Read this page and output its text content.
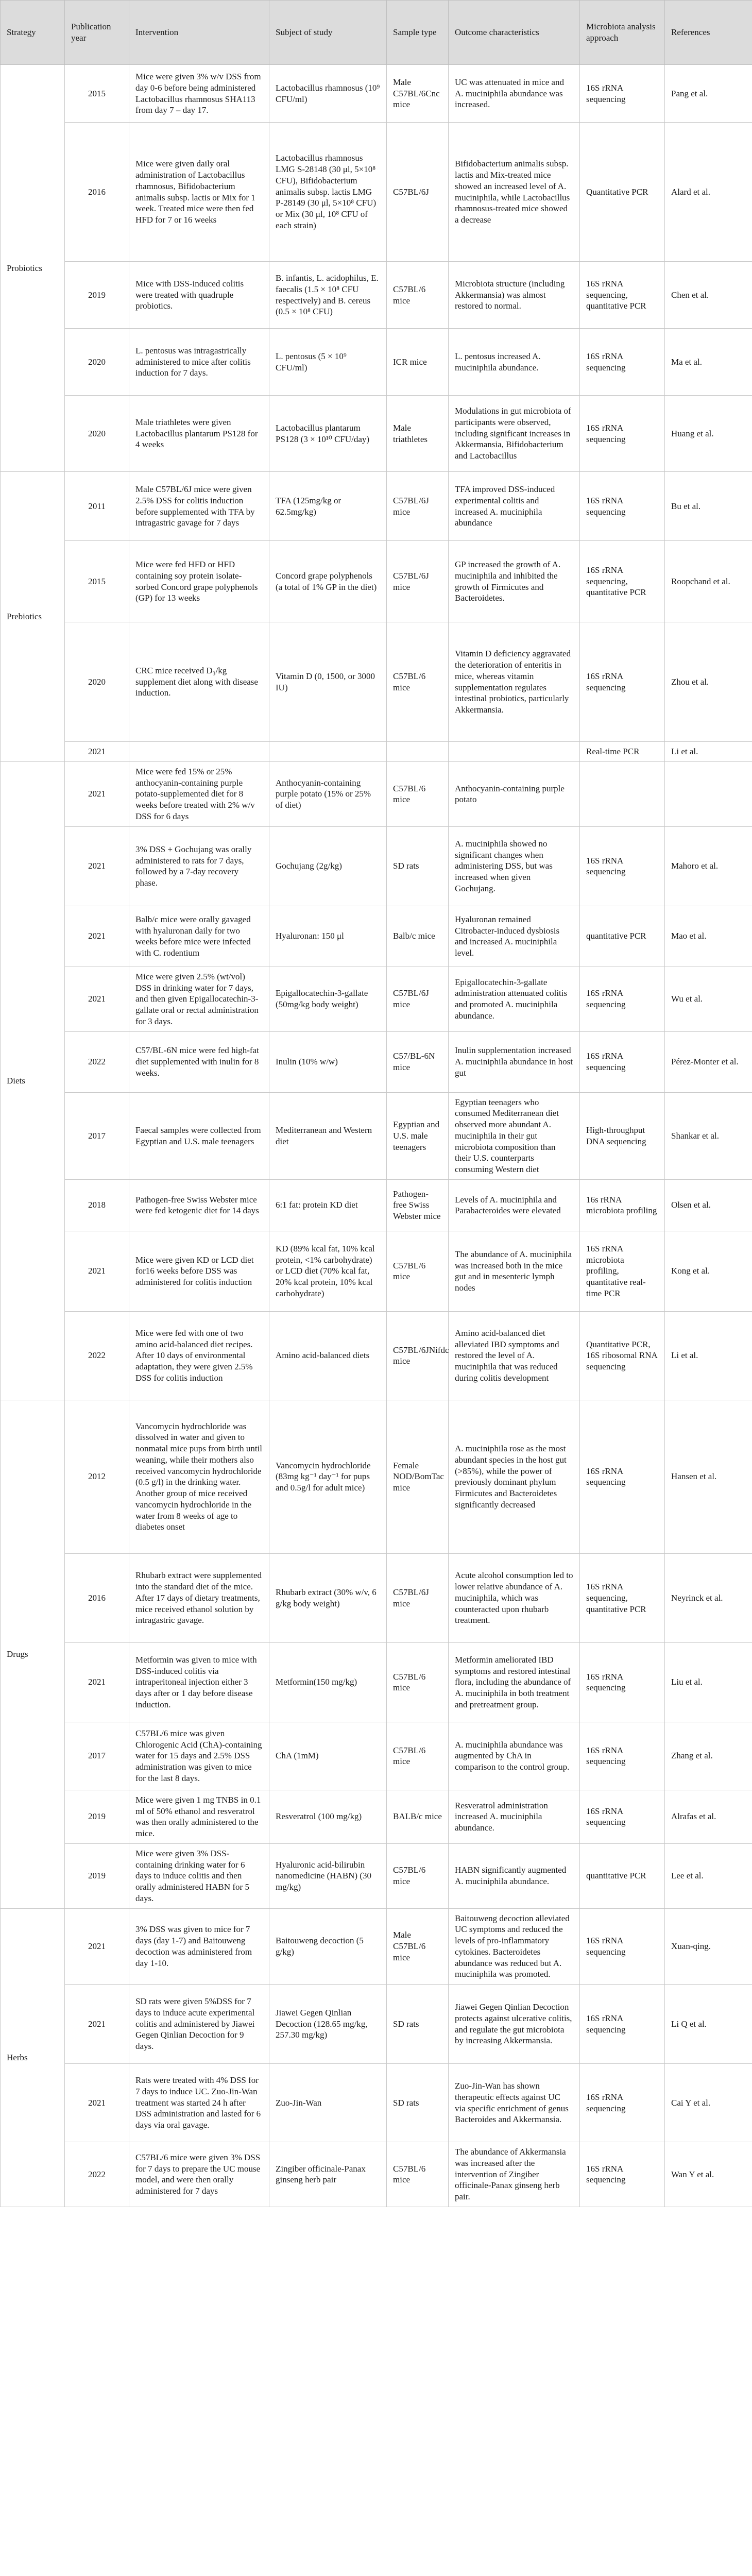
Strategy	Publication year	Intervention	Subject of study	Sample type	Outcome characteristics	Microbiota analysis approach	References
Probiotics	2015	Mice were given 3% w/v DSS from day 0-6 before being administered Lactobacillus rhamnosus SHA113 from day 7 – day 17.	Lactobacillus rhamnosus (10⁹ CFU/ml)	Male C57BL/6Cnc mice	UC was attenuated in mice and A. muciniphila abundance was increased.	16S rRNA sequencing	Pang et al.
	2016	Mice were given daily oral administration of Lactobacillus rhamnosus, Bifidobacterium animalis subsp. lactis or Mix for 1 week. Treated mice were then fed HFD for 7 or 16 weeks	Lactobacillus rhamnosus LMG S-28148 (30 μl, 5×10⁸ CFU), Bifidobacterium animalis subsp. lactis LMG P-28149 (30 μl, 5×10⁸ CFU) or Mix (30 μl, 10⁸ CFU of each strain)	C57BL/6J	Bifidobacterium animalis subsp. lactis and Mix-treated mice showed an increased level of A. muciniphila, while Lactobacillus rhamnosus-treated mice showed a decrease	Quantitative PCR	Alard et al.
	2019	Mice with DSS-induced colitis were treated with quadruple probiotics.	B. infantis, L. acidophilus, E. faecalis (1.5 × 10⁸ CFU respectively) and B. cereus (0.5 × 10⁸ CFU)	C57BL/6 mice	Microbiota structure (including Akkermansia) was almost restored to normal.	16S rRNA sequencing, quantitative PCR	Chen et al.
	2020	L. pentosus was intragastrically administered to mice after colitis induction for 7 days.	L. pentosus (5 × 10⁹ CFU/ml)	ICR mice	L. pentosus increased A. muciniphila abundance.	16S rRNA sequencing	Ma et al.
	2020	Male triathletes were given Lactobacillus plantarum PS128 for 4 weeks	Lactobacillus plantarum PS128 (3 × 10¹⁰ CFU/day)	Male triathletes	Modulations in gut microbiota of participants were observed, including significant increases in Akkermansia, Bifidobacterium and Lactobacillus	16S rRNA sequencing	Huang et al.
Prebiotics	2011	Male C57BL/6J mice were given 2.5% DSS for colitis induction before supplemented with TFA by intragastric gavage for 7 days	TFA (125mg/kg or 62.5mg/kg)	C57BL/6J mice	TFA improved DSS-induced experimental colitis and increased A. muciniphila abundance	16S rRNA sequencing	Bu et al.
	2015	Mice were fed HFD or HFD containing soy protein isolate-sorbed Concord grape polyphenols (GP) for 13 weeks	Concord grape polyphenols (a total of 1% GP in the diet)	C57BL/6J mice	GP increased the growth of A. muciniphila and inhibited the growth of Firmicutes and Bacteroidetes.	16S rRNA sequencing, quantitative PCR	Roopchand et al.
	2020	CRC mice received D₃/kg supplement diet along with disease induction.	Vitamin D (0, 1500, or 3000 IU)	C57BL/6 mice	Vitamin D deficiency aggravated the deterioration of enteritis in mice, whereas vitamin supplementation regulates intestinal probiotics, particularly Akkermansia.	16S rRNA sequencing	Zhou et al.
	2021					Real-time PCR	Li et al.
Diets	2021	Mice were fed 15% or 25% anthocyanin-containing purple potato-supplemented diet for 8 weeks before treated with 2% w/v DSS for 6 days	Anthocyanin-containing purple potato (15% or 25% of diet)	C57BL/6 mice	Anthocyanin-containing purple potato		
	2021	3% DSS + Gochujang was orally administered to rats for 7 days, followed by a 7-day recovery phase.	Gochujang (2g/kg)	SD rats	A. muciniphila showed no significant changes when administering DSS, but was increased when given Gochujang.	16S rRNA sequencing	Mahoro et al.
	2021	Balb/c mice were orally gavaged with hyaluronan daily for two weeks before mice were infected with C. rodentium	Hyaluronan: 150 μl	Balb/c mice	Hyaluronan remained Citrobacter-induced dysbiosis and increased A. muciniphila level.	quantitative PCR	Mao et al.
	2021	Mice were given 2.5% (wt/vol) DSS in drinking water for 7 days, and then given Epigallocatechin-3-gallate oral or rectal administration for 3 days.	Epigallocatechin-3-gallate (50mg/kg body weight)	C57BL/6J mice	Epigallocatechin-3-gallate administration attenuated colitis and promoted A. muciniphila abundance.	16S rRNA sequencing	Wu et al.
	2022	C57/BL-6N mice were fed high-fat diet supplemented with inulin for 8 weeks.	Inulin (10% w/w)	C57/BL-6N mice	Inulin supplementation increased A. muciniphila abundance in host gut	16S rRNA sequencing	Pérez-Monter et al.
	2017	Faecal samples were collected from Egyptian and U.S. male teenagers	Mediterranean and Western diet	Egyptian and U.S. male teenagers	Egyptian teenagers who consumed Mediterranean diet observed more abundant A. muciniphila in their gut microbiota composition than their U.S. counterparts consuming Western diet	High-throughput DNA sequencing	Shankar et al.
	2018	Pathogen-free Swiss Webster mice were fed ketogenic diet for 14 days	6:1 fat: protein KD diet	Pathogen-free Swiss Webster mice	Levels of A. muciniphila and Parabacteroides were elevated	16s rRNA microbiota profiling	Olsen et al.
	2021	Mice were given KD or LCD diet for16 weeks before DSS was administered for colitis induction	KD (89% kcal fat, 10% kcal protein, <1% carbohydrate) or LCD diet (70% kcal fat, 20% kcal protein, 10% kcal carbohydrate)	C57BL/6 mice	The abundance of A. muciniphila was increased both in the mice gut and in mesenteric lymph nodes	16S rRNA microbiota profiling, quantitative real-time PCR	Kong et al.
	2022	Mice were fed with one of two amino acid-balanced diet recipes. After 10 days of environmental adaptation, they were given 2.5% DSS for colitis induction	Amino acid-balanced diets	C57BL/6JNifdc mice	Amino acid-balanced diet alleviated IBD symptoms and restored the level of A. muciniphila that was reduced during colitis development	Quantitative PCR, 16S ribosomal RNA sequencing	Li et al.
Drugs	2012	Vancomycin hydrochloride was dissolved in water and given to nonmatal mice pups from birth until weaning, while their mothers also received vancomycin hydrochloride (0.5 g/l) in the drinking water. Another group of mice received vancomycin hydrochloride in the water from 8 weeks of age to diabetes onset	Vancomycin hydrochloride (83mg kg⁻¹ day⁻¹ for pups and 0.5g/l for adult mice)	Female NOD/BomTac mice	A. muciniphila rose as the most abundant species in the host gut (>85%), while the power of previously dominant phylum Firmicutes and Bacteroidetes significantly decreased	16S rRNA sequencing	Hansen et al.
	2016	Rhubarb extract were supplemented into the standard diet of the mice. After 17 days of dietary treatments, mice received ethanol solution by intragastric gavage.	Rhubarb extract (30% w/v, 6 g/kg body weight)	C57BL/6J mice	Acute alcohol consumption led to lower relative abundance of A. muciniphila, which was counteracted upon rhubarb treatment.	16S rRNA sequencing, quantitative PCR	Neyrinck et al.
	2021	Metformin was given to mice with DSS-induced colitis via intraperitoneal injection either 3 days after or 1 day before disease induction.	Metformin(150 mg/kg)	C57BL/6 mice	Metformin ameliorated IBD symptoms and restored intestinal flora, including the abundance of A. muciniphila in both treatment and pretreatment group.	16S rRNA sequencing	Liu et al.
	2017	C57BL/6 mice was given Chlorogenic Acid (ChA)-containing water for 15 days and 2.5% DSS administration was given to mice for the last 8 days.	ChA (1mM)	C57BL/6 mice	A. muciniphila abundance was augmented by ChA in comparison to the control group.	16S rRNA sequencing	Zhang et al.
	2019	Mice were given 1 mg TNBS in 0.1 ml of 50% ethanol and resveratrol was then orally administered to the mice.	Resveratrol (100 mg/kg)	BALB/c mice	Resveratrol administration increased A. muciniphila abundance.	16S rRNA sequencing	Alrafas et al.
	2019	Mice were given 3% DSS-containing drinking water for 6 days to induce colitis and then orally administered HABN for 5 days.	Hyaluronic acid-bilirubin nanomedicine (HABN) (30 mg/kg)	C57BL/6 mice	HABN significantly augmented A. muciniphila abundance.	quantitative PCR	Lee et al.
Herbs	2021	3% DSS was given to mice for 7 days (day 1-7) and Baitouweng decoction was administered from day 1-10.	Baitouweng decoction (5 g/kg)	Male C57BL/6 mice	Baitouweng decoction alleviated UC symptoms and reduced the levels of pro-inflammatory cytokines. Bacteroidetes abundance was reduced but A. muciniphila was promoted.	16S rRNA sequencing	Xuan-qing.
	2021	SD rats were given 5%DSS for 7 days to induce acute experimental colitis and administered by Jiawei Gegen Qinlian Decoction for 9 days.	Jiawei Gegen Qinlian Decoction (128.65 mg/kg, 257.30 mg/kg)	SD rats	Jiawei Gegen Qinlian Decoction protects against ulcerative colitis, and regulate the gut microbiota by increasing Akkermansia.	16S rRNA sequencing	Li Q et al.
	2021	Rats were treated with 4% DSS for 7 days to induce UC. Zuo-Jin-Wan treatment was started 24 h after DSS administration and lasted for 6 days via oral gavage.	Zuo-Jin-Wan	SD rats	Zuo-Jin-Wan has shown therapeutic effects against UC via specific enrichment of genus Bacteroides and Akkermansia.	16S rRNA sequencing	Cai Y et al.
	2022	C57BL/6 mice were given 3% DSS for 7 days to prepare the UC mouse model, and were then orally administered for 7 days	Zingiber officinale-Panax ginseng herb pair	C57BL/6 mice	The abundance of Akkermansia was increased after the intervention of Zingiber officinale-Panax ginseng herb pair.	16S rRNA sequencing	Wan Y et al.
